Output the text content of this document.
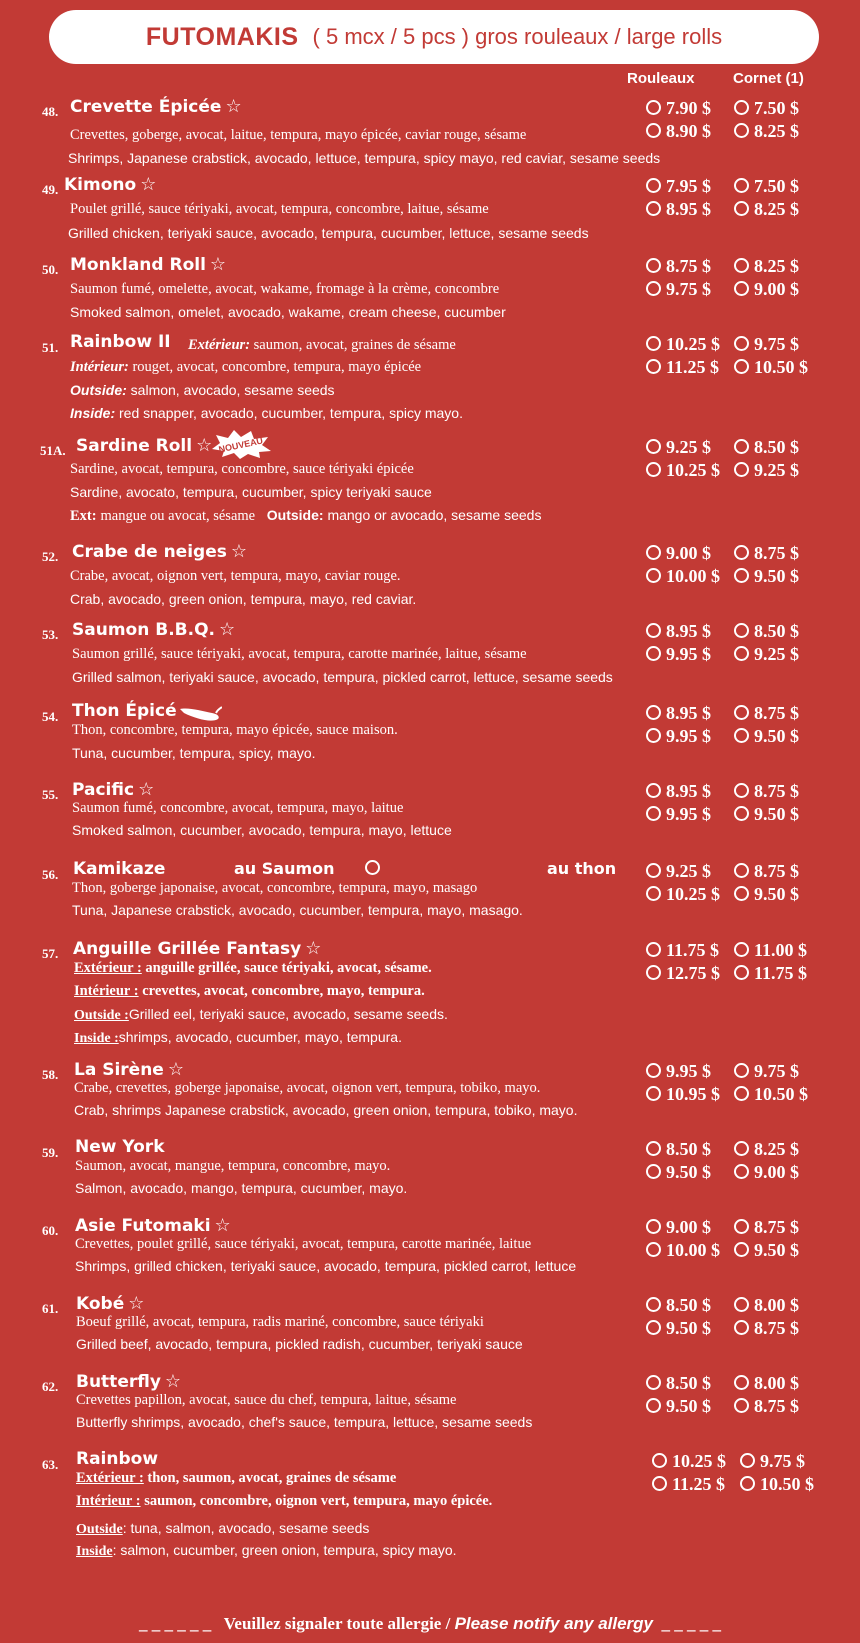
FUTOMAKIS ( 5 mcx / 5 pcs ) gros rouleaux / large rolls
Rouleaux	Cornet (1)
48. Crevette Épicée ☆
Crevettes, goberge, avocat, laitue, tempura, mayo épicée, caviar rouge, sésame
Shrimps, Japanese crabstick, avocado, lettuce, tempura, spicy mayo, red caviar, sesame seeds
7.90 $	7.50 $
8.90 $	8.25 $
49. Kimono ☆
Poulet grillé, sauce tériyaki, avocat, tempura, concombre, laitue, sésame
Grilled chicken, teriyaki sauce, avocado, tempura, cucumber, lettuce, sesame seeds
7.95 $	7.50 $
8.95 $	8.25 $
50. Monkland Roll ☆
Saumon fumé, omelette, avocat, wakame, fromage à la crème, concombre
Smoked salmon, omelet, avocado, wakame, cream cheese, cucumber
8.75 $	8.25 $
9.75 $	9.00 $
51. Rainbow II Extérieur: saumon, avocat, graines de sésame
Intérieur: rouget, avocat, concombre, tempura, mayo épicée
Outside: salmon, avocado, sesame seeds
Inside: red snapper, avocado, cucumber, tempura, spicy mayo.
10.25 $	9.75 $
11.25 $	10.50 $
51A. Sardine Roll ☆ NOUVEAU
Sardine, avocat, tempura, concombre, sauce tériyaki épicée
Sardine, avocato, tempura, cucumber, spicy teriyaki sauce
Ext: mangue ou avocat, sésame Outside: mango or avocado, sesame seeds
9.25 $	8.50 $
10.25 $	9.25 $
52. Crabe de neiges ☆
Crabe, avocat, oignon vert, tempura, mayo, caviar rouge.
Crab, avocado, green onion, tempura, mayo, red caviar.
9.00 $	8.75 $
10.00 $	9.50 $
53. Saumon B.B.Q. ☆
Saumon grillé, sauce tériyaki, avocat, tempura, carotte marinée, laitue, sésame
Grilled salmon, teriyaki sauce, avocado, tempura, pickled carrot, lettuce, sesame seeds
8.95 $	8.50 $
9.95 $	9.25 $
54. Thon Épicé
Thon, concombre, tempura, mayo épicée, sauce maison.
Tuna, cucumber, tempura, spicy, mayo.
8.95 $	8.75 $
9.95 $	9.50 $
55. Pacific ☆
Saumon fumé, concombre, avocat, tempura, mayo, laitue
Smoked salmon, cucumber, avocado, tempura, mayo, lettuce
8.95 $	8.75 $
9.95 $	9.50 $
56. Kamikaze	au Saumon	au thon
Thon, goberge japonaise, avocat, concombre, tempura, mayo, masago
Tuna, Japanese crabstick, avocado, cucumber, tempura, mayo, masago.
9.25 $	8.75 $
10.25 $	9.50 $
57. Anguille Grillée Fantasy ☆
Extérieur : anguille grillée, sauce tériyaki, avocat, sésame.
Intérieur : crevettes, avocat, concombre, mayo, tempura.
Outside :Grilled eel, teriyaki sauce, avocado, sesame seeds.
Inside :shrimps, avocado, cucumber, mayo, tempura.
11.75 $	11.00 $
12.75 $	11.75 $
58. La Sirène ☆
Crabe, crevettes, goberge japonaise, avocat, oignon vert, tempura, tobiko, mayo.
Crab, shrimps Japanese crabstick, avocado, green onion, tempura, tobiko, mayo.
9.95 $	9.75 $
10.95 $	10.50 $
59. New York
Saumon, avocat, mangue, tempura, concombre, mayo.
Salmon, avocado, mango, tempura, cucumber, mayo.
8.50 $	8.25 $
9.50 $	9.00 $
60. Asie Futomaki ☆
Crevettes, poulet grillé, sauce tériyaki, avocat, tempura, carotte marinée, laitue
Shrimps, grilled chicken, teriyaki sauce, avocado, tempura, pickled carrot, lettuce
9.00 $	8.75 $
10.00 $	9.50 $
61. Kobé ☆
Boeuf grillé, avocat, tempura, radis mariné, concombre, sauce tériyaki
Grilled beef, avocado, tempura, pickled radish, cucumber, teriyaki sauce
8.50 $	8.00 $
9.50 $	8.75 $
62. Butterfly ☆
Crevettes papillon, avocat, sauce du chef, tempura, laitue, sésame
Butterfly shrimps, avocado, chef's sauce, tempura, lettuce, sesame seeds
8.50 $	8.00 $
9.50 $	8.75 $
63. Rainbow
Extérieur : thon, saumon, avocat, graines de sésame
Intérieur : saumon, concombre, oignon vert, tempura, mayo épicée.
Outside: tuna, salmon, avocado, sesame seeds
Inside: salmon, cucumber, green onion, tempura, spicy mayo.
10.25 $	9.75 $
11.25 $	10.50 $
_ _ _ _ _ _ Veuillez signaler toute allergie / Please notify any allergy _ _ _ _ _
